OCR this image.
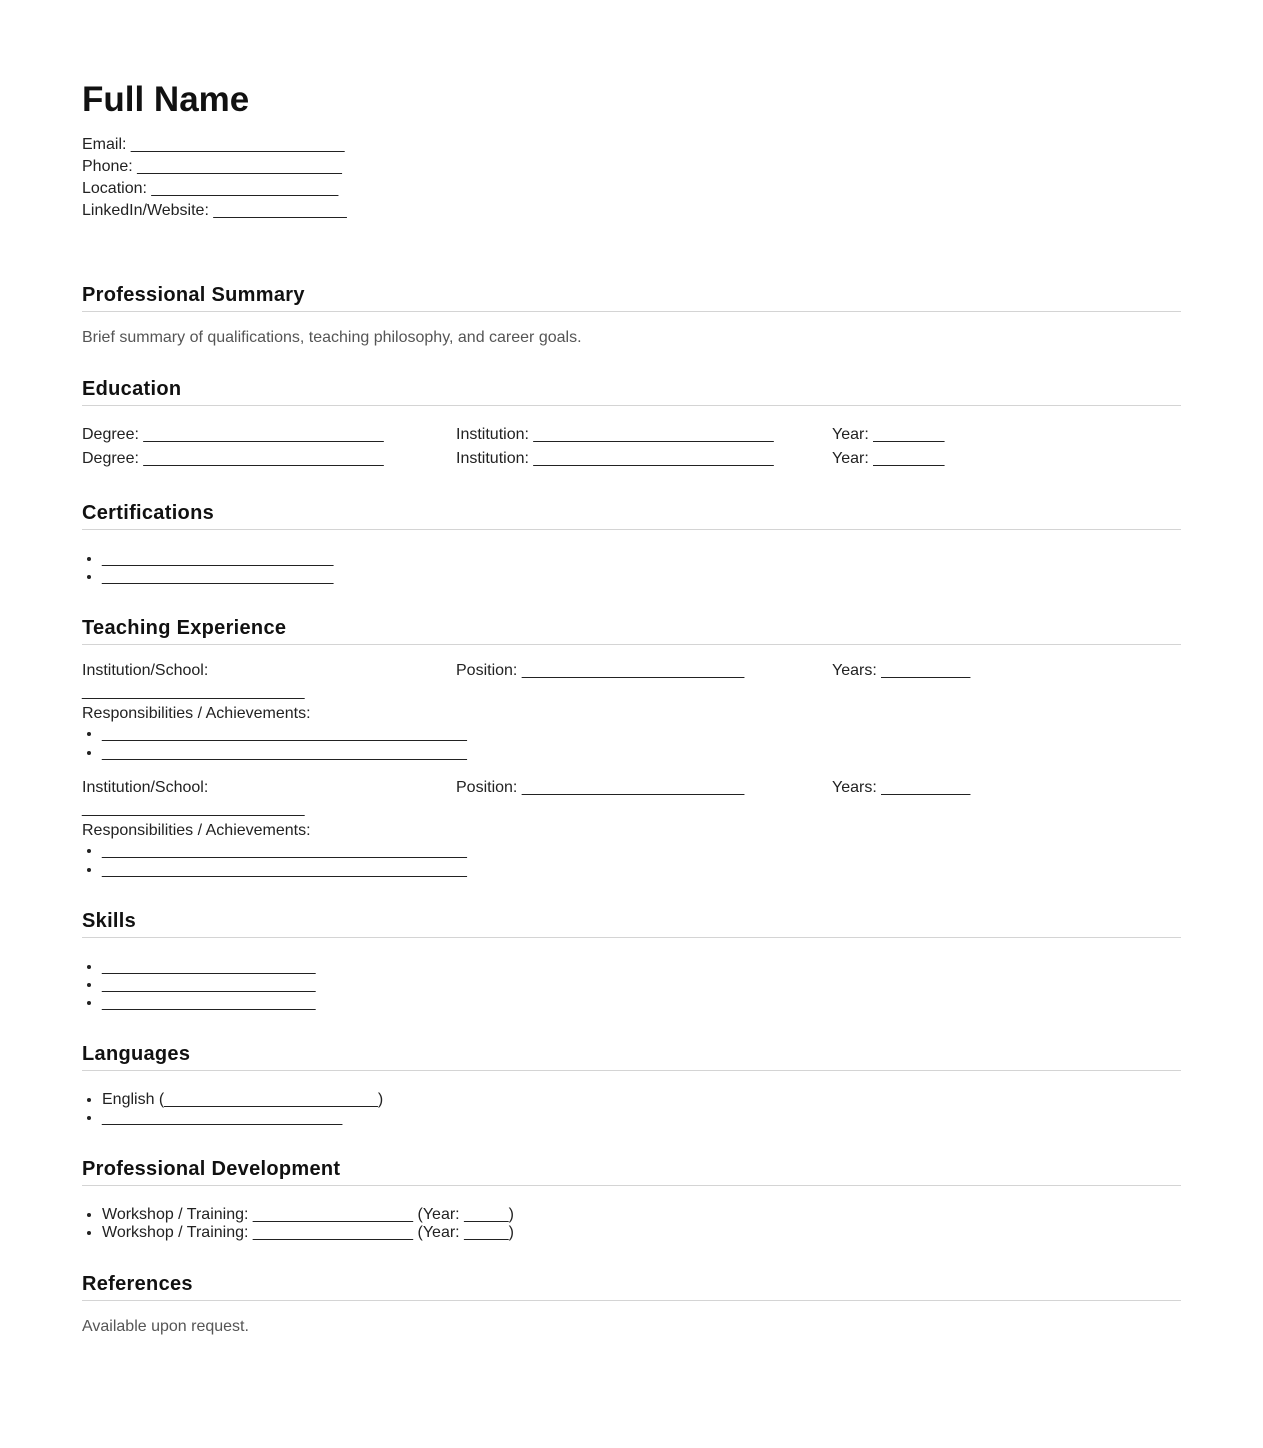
Full Name
Email: ________________________
Phone: _______________________
Location: _____________________
LinkedIn/Website: _______________
Professional Summary

Brief summary of qualifications, teaching philosophy, and career goals.

Education
Degree: ___________________________	Institution: ___________________________	Year: ________
Degree: ___________________________	Institution: ___________________________	Year: ________
Certifications
• __________________________
• __________________________
Teaching Experience
Institution/School: _________________________
Position: _________________________	Years: __________
Responsibilities / Achievements:
• _________________________________________
• _________________________________________
Institution/School: _________________________
Position: _________________________	Years: __________
Responsibilities / Achievements:
• _________________________________________
• _________________________________________
Skills
• ________________________
• ________________________
• ________________________
Languages
• English (________________________)
• ___________________________
Professional Development
• Workshop / Training: __________________ (Year: _____)
• Workshop / Training: __________________ (Year: _____)
References

Available upon request.
